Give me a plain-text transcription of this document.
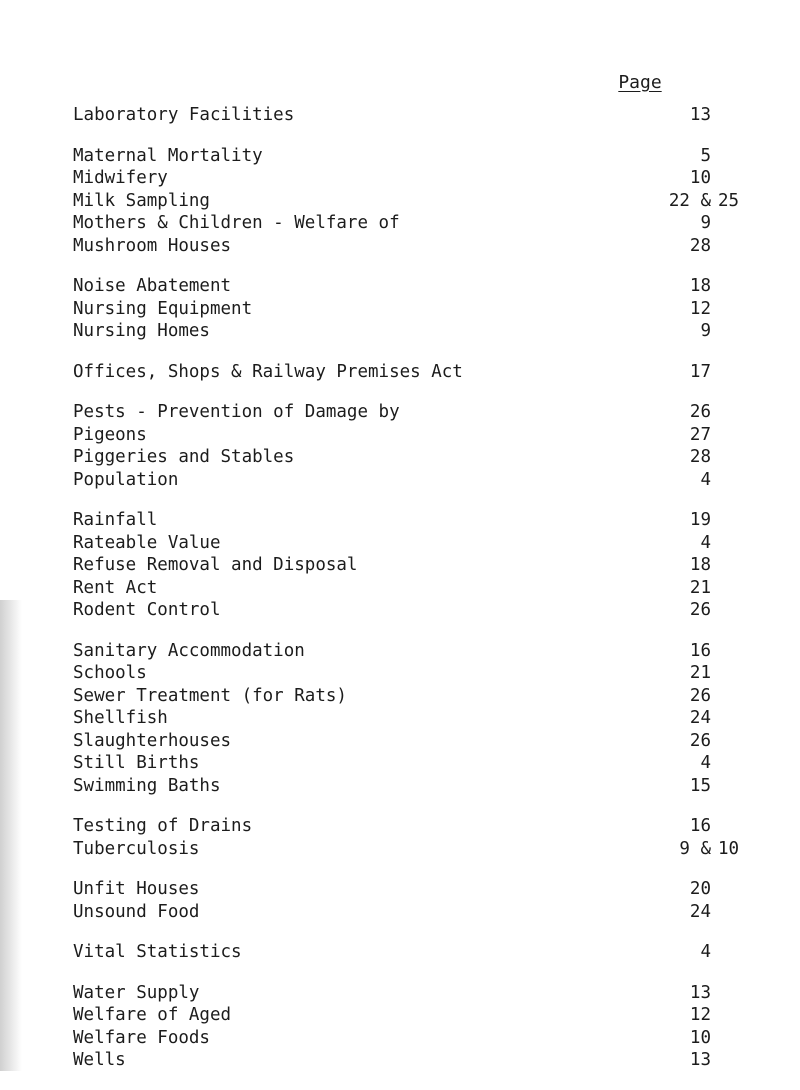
Page
Laboratory Facilities	13
Maternal Mortality	5
Midwifery	10
Milk Sampling	22 & 25
Mothers & Children - Welfare of	9
Mushroom Houses	28
Noise Abatement	18
Nursing Equipment	12
Nursing Homes	9
Offices, Shops & Railway Premises Act	17
Pests - Prevention of Damage by	26
Pigeons	27
Piggeries and Stables	28
Population	4
Rainfall	19
Rateable Value	4
Refuse Removal and Disposal	18
Rent Act	21
Rodent Control	26
Sanitary Accommodation	16
Schools	21
Sewer Treatment (for Rats)	26
Shellfish	24
Slaughterhouses	26
Still Births	4
Swimming Baths	15
Testing of Drains	16
Tuberculosis	9 & 10
Unfit Houses	20
Unsound Food	24
Vital Statistics	4
Water Supply	13
Welfare of Aged	12
Welfare Foods	10
Wells	13
